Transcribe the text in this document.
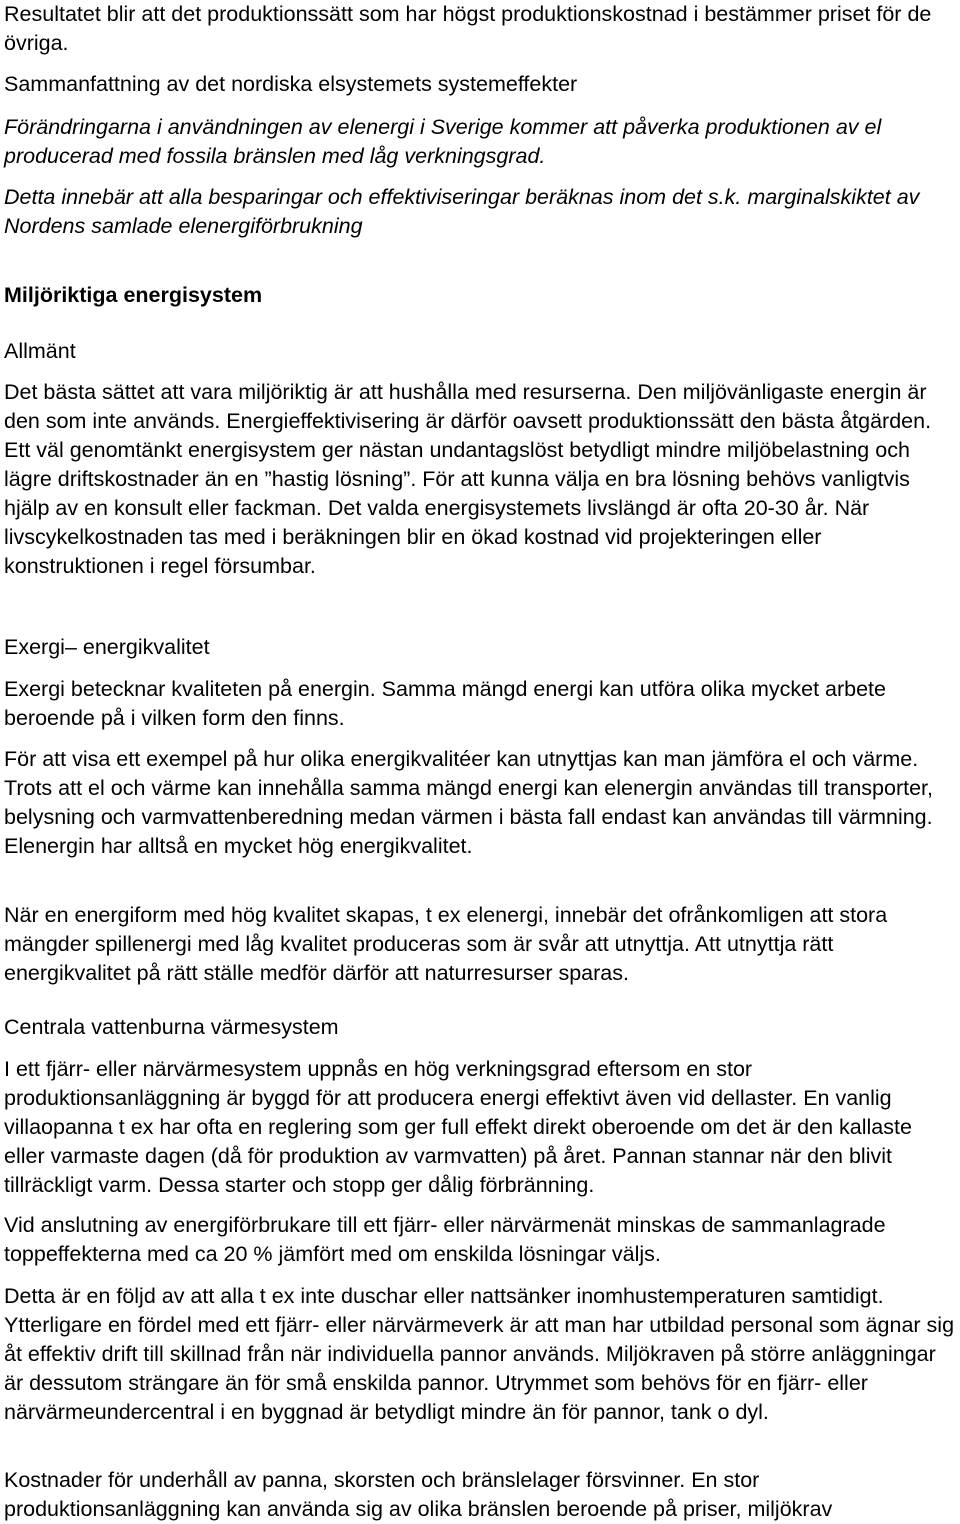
Resultatet blir att det produktionssätt som har högst produktionskostnad i bestämmer priset för de övriga.

Sammanfattning av det nordiska elsystemets systemeffekter

Förändringarna i användningen av elenergi i Sverige kommer att påverka produktionen av el producerad med fossila bränslen med låg verkningsgrad.

Detta innebär att alla besparingar och effektiviseringar beräknas inom det s.k. marginalskiktet av Nordens samlade elenergiförbrukning

Miljöriktiga energisystem

Allmänt

Det bästa sättet att vara miljöriktig är att hushålla med resurserna. Den miljövänligaste energin är den som inte används. Energieffektivisering är därför oavsett produktionssätt den bästa åtgärden. Ett väl genomtänkt energisystem ger nästan undantagslöst betydligt mindre miljöbelastning och lägre driftskostnader än en ”hastig lösning”. För att kunna välja en bra lösning behövs vanligtvis hjälp av en konsult eller fackman. Det valda energisystemets livslängd är ofta 20-30 år. När livscykelkostnaden tas med i beräkningen blir en ökad kostnad vid projekteringen eller konstruktionen i regel försumbar.

Exergi– energikvalitet

Exergi betecknar kvaliteten på energin. Samma mängd energi kan utföra olika mycket arbete beroende på i vilken form den finns.

För att visa ett exempel på hur olika energikvalitéer kan utnyttjas kan man jämföra el och värme. Trots att el och värme kan innehålla samma mängd energi kan elenergin användas till transporter, belysning och varmvattenberedning medan värmen i bästa fall endast kan användas till värmning. Elenergin har alltså en mycket hög energikvalitet.

När en energiform med hög kvalitet skapas, t ex elenergi, innebär det ofrånkomligen att stora mängder spillenergi med låg kvalitet produceras som är svår att utnyttja. Att utnyttja rätt energikvalitet på rätt ställe medför därför att naturresurser sparas.

Centrala vattenburna värmesystem

I ett fjärr- eller närvärmesystem uppnås en hög verkningsgrad eftersom en stor produktionsanläggning är byggd för att producera energi effektivt även vid dellaster. En vanlig villaopanna t ex har ofta en reglering som ger full effekt direkt oberoende om det är den kallaste eller varmaste dagen (då för produktion av varmvatten) på året. Pannan stannar när den blivit tillräckligt varm. Dessa starter och stopp ger dålig förbränning.

Vid anslutning av energiförbrukare till ett fjärr- eller närvärmenät minskas de sammanlagrade toppeffekterna med ca 20 % jämfört med om enskilda lösningar väljs.

Detta är en följd av att alla t ex inte duschar eller nattsänker inomhustemperaturen samtidigt. Ytterligare en fördel med ett fjärr- eller närvärmeverk är att man har utbildad personal som ägnar sig åt effektiv drift till skillnad från när individuella pannor används. Miljökraven på större anläggningar är dessutom strängare än för små enskilda pannor. Utrymmet som behövs för en fjärr- eller närvärmeundercentral i en byggnad är betydligt mindre än för pannor, tank o dyl.

Kostnader för underhåll av panna, skorsten och bränslelager försvinner. En stor produktionsanläggning kan använda sig av olika bränslen beroende på priser, miljökrav
